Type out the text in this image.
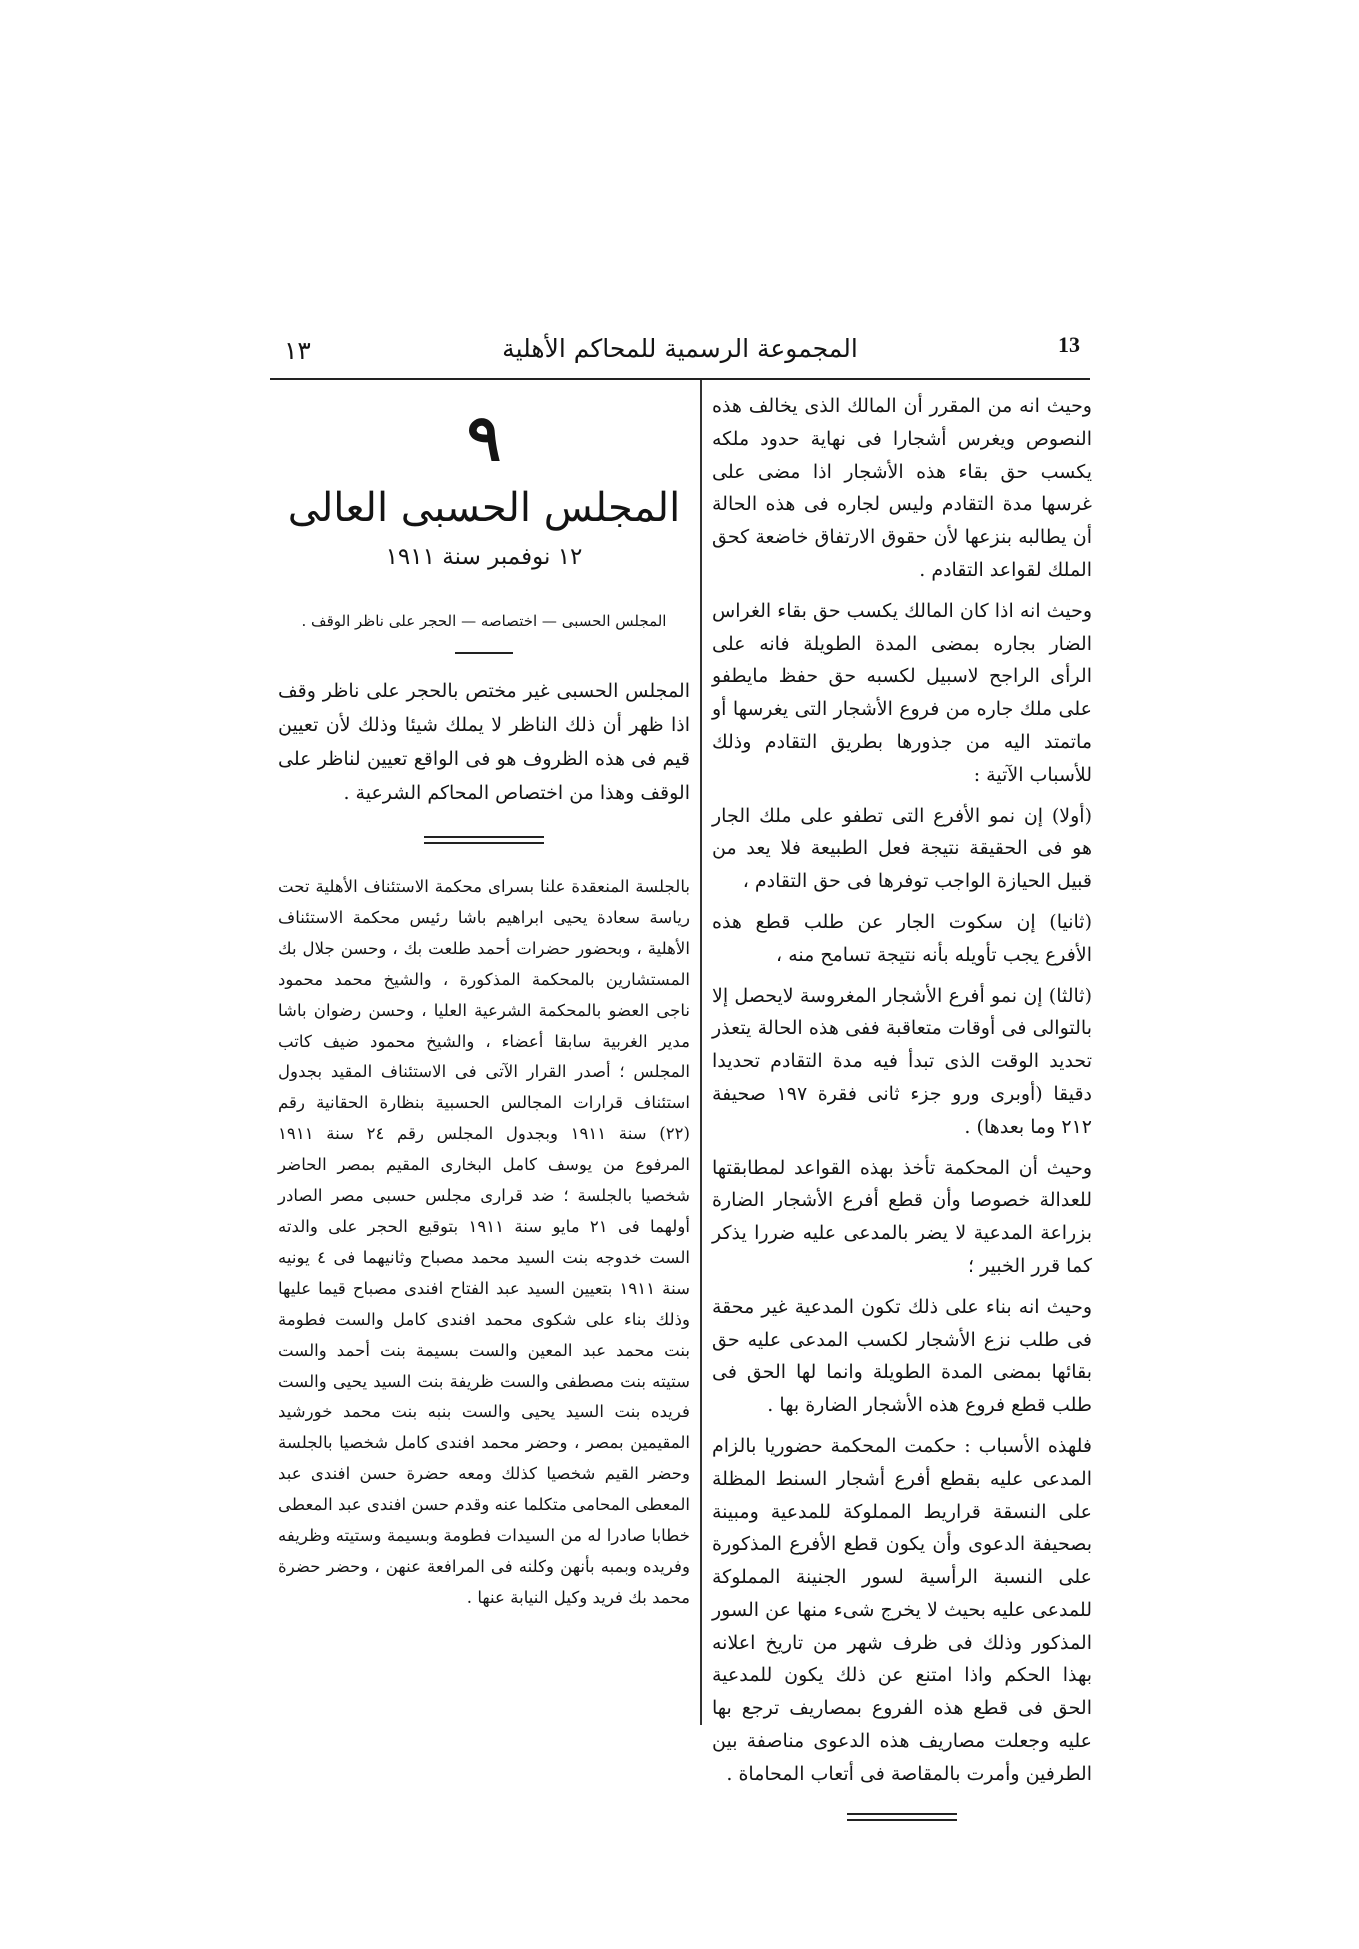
١٣	المجموعة الرسمية للمحاكم الأهلية	13

وحيث انه من المقرر أن المالك الذى يخالف هذه النصوص ويغرس أشجارا فى نهاية حدود ملكه يكسب حق بقاء هذه الأشجار اذا مضى على غرسها مدة التقادم وليس لجاره فى هذه الحالة أن يطالبه بنزعها لأن حقوق الارتفاق خاضعة كحق الملك لقواعد التقادم .

وحيث انه اذا كان المالك يكسب حق بقاء الغراس الضار بجاره بمضى المدة الطويلة فانه على الرأى الراجح لاسبيل لكسبه حق حفظ مايطفو على ملك جاره من فروع الأشجار التى يغرسها أو ماتمتد اليه من جذورها بطريق التقادم وذلك للأسباب الآتية :

(أولا) إن نمو الأفرع التى تطفو على ملك الجار هو فى الحقيقة نتيجة فعل الطبيعة فلا يعد من قبيل الحيازة الواجب توفرها فى حق التقادم ،

(ثانيا) إن سكوت الجار عن طلب قطع هذه الأفرع يجب تأويله بأنه نتيجة تسامح منه ،

(ثالثا) إن نمو أفرع الأشجار المغروسة لايحصل إلا بالتوالى فى أوقات متعاقبة ففى هذه الحالة يتعذر تحديد الوقت الذى تبدأ فيه مدة التقادم تحديدا دقيقا (أوبرى ورو جزء ثانى فقرة ١٩٧ صحيفة ٢١٢ وما بعدها) .

وحيث أن المحكمة تأخذ بهذه القواعد لمطابقتها للعدالة خصوصا وأن قطع أفرع الأشجار الضارة بزراعة المدعية لا يضر بالمدعى عليه ضررا يذكر كما قرر الخبير ؛

وحيث انه بناء على ذلك تكون المدعية غير محقة فى طلب نزع الأشجار لكسب المدعى عليه حق بقائها بمضى المدة الطويلة وانما لها الحق فى طلب قطع فروع هذه الأشجار الضارة بها .

فلهذه الأسباب : حكمت المحكمة حضوريا بالزام المدعى عليه بقطع أفرع أشجار السنط المظلة على النسقة قراريط المملوكة للمدعية ومبينة بصحيفة الدعوى وأن يكون قطع الأفرع المذكورة على النسبة الرأسية لسور الجنينة المملوكة للمدعى عليه بحيث لا يخرج شىء منها عن السور المذكور وذلك فى ظرف شهر من تاريخ اعلانه بهذا الحكم واذا امتنع عن ذلك يكون للمدعية الحق فى قطع هذه الفروع بمصاريف ترجع بها عليه وجعلت مصاريف هذه الدعوى مناصفة بين الطرفين وأمرت بالمقاصة فى أتعاب المحاماة .

٩
المجلس الحسبى العالى
١٢ نوفمبر سنة ١٩١١
المجلس الحسبى — اختصاصه — الحجر على ناظر الوقف .

المجلس الحسبى غير مختص بالحجر على ناظر وقف اذا ظهر أن ذلك الناظر لا يملك شيئا وذلك لأن تعيين قيم فى هذه الظروف هو فى الواقع تعيين لناظر على الوقف وهذا من اختصاص المحاكم الشرعية .

بالجلسة المنعقدة علنا بسراى محكمة الاستئناف الأهلية تحت رياسة سعادة يحيى ابراهيم باشا رئيس محكمة الاستئناف الأهلية ، وبحضور حضرات أحمد طلعت بك ، وحسن جلال بك المستشارين بالمحكمة المذكورة ، والشيخ محمد محمود ناجى العضو بالمحكمة الشرعية العليا ، وحسن رضوان باشا مدير الغربية سابقا أعضاء ، والشيخ محمود ضيف كاتب المجلس ؛ أصدر القرار الآتى فى الاستئناف المقيد بجدول استئناف قرارات المجالس الحسبية بنظارة الحقانية رقم (٢٢) سنة ١٩١١ وبجدول المجلس رقم ٢٤ سنة ١٩١١ المرفوع من يوسف كامل البخارى المقيم بمصر الحاضر شخصيا بالجلسة ؛ ضد قرارى مجلس حسبى مصر الصادر أولهما فى ٢١ مايو سنة ١٩١١ بتوقيع الحجر على والدته الست خدوجه بنت السيد محمد مصباح وثانيهما فى ٤ يونيه سنة ١٩١١ بتعيين السيد عبد الفتاح افندى مصباح قيما عليها وذلك بناء على شكوى محمد افندى كامل والست فطومة بنت محمد عبد المعين والست بسيمة بنت أحمد والست ستيته بنت مصطفى والست ظريفة بنت السيد يحيى والست فريده بنت السيد يحيى والست بنبه بنت محمد خورشيد المقيمين بمصر ، وحضر محمد افندى كامل شخصيا بالجلسة وحضر القيم شخصيا كذلك ومعه حضرة حسن افندى عبد المعطى المحامى متكلما عنه وقدم حسن افندى عبد المعطى خطابا صادرا له من السيدات فطومة وبسيمة وستيته وظريفه وفريده وبمبه بأنهن وكلنه فى المرافعة عنهن ، وحضر حضرة محمد بك فريد وكيل النيابة عنها .
